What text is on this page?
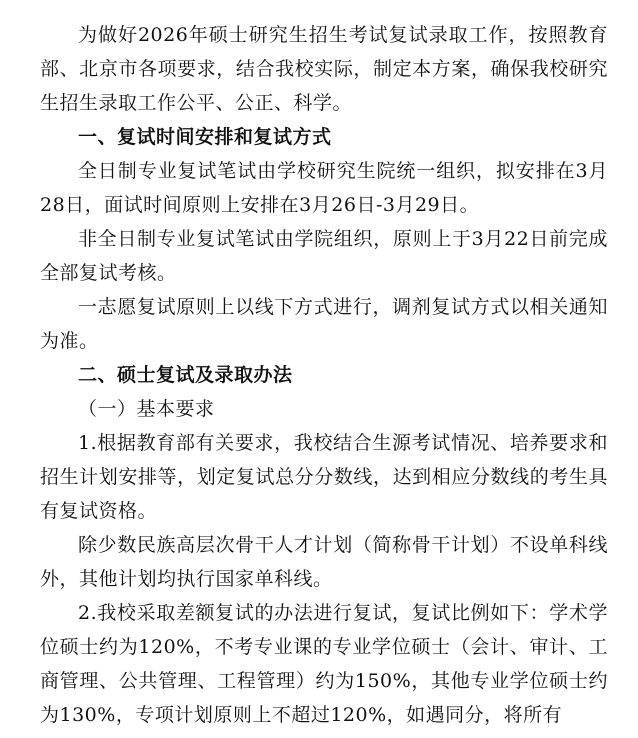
为做好2026年硕士研究生招生考试复试录取工作，按照教育部、北京市各项要求，结合我校实际，制定本方案，确保我校研究生招生录取工作公平、公正、科学。

一、复试时间安排和复试方式

全日制专业复试笔试由学校研究生院统一组织，拟安排在3月28日，面试时间原则上安排在3月26日-3月29日。

非全日制专业复试笔试由学院组织，原则上于3月22日前完成全部复试考核。

一志愿复试原则上以线下方式进行，调剂复试方式以相关通知为准。

二、硕士复试及录取办法

（一）基本要求

1.根据教育部有关要求，我校结合生源考试情况、培养要求和招生计划安排等，划定复试总分分数线，达到相应分数线的考生具有复试资格。

除少数民族高层次骨干人才计划（简称骨干计划）不设单科线外，其他计划均执行国家单科线。

2.我校采取差额复试的办法进行复试，复试比例如下：学术学位硕士约为120%，不考专业课的专业学位硕士（会计、审计、工商管理、公共管理、工程管理）约为150%，其他专业学位硕士约为130%，专项计划原则上不超过120%，如遇同分，将所有
